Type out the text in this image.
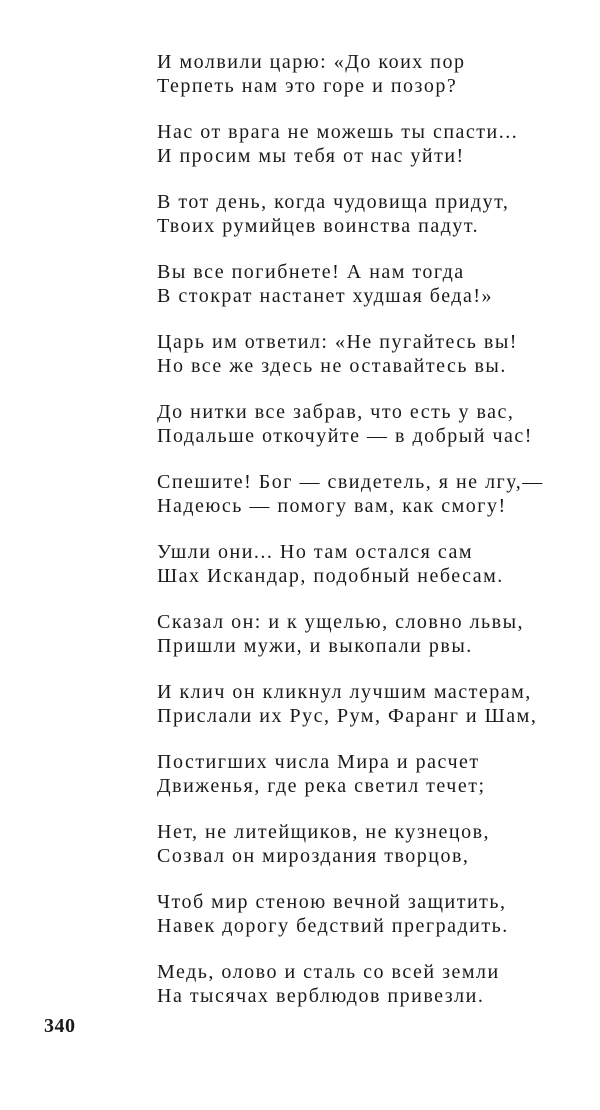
И молвили царю: «До коих пор
Терпеть нам это горе и позор?
Нас от врага не можешь ты спасти...
И просим мы тебя от нас уйти!
В тот день, когда чудовища придут,
Твоих румийцев воинства падут.
Вы все погибнете! А нам тогда
В стократ настанет худшая беда!»
Царь им ответил: «Не пугайтесь вы!
Но все же здесь не оставайтесь вы.
До нитки все забрав, что есть у вас,
Подальше откочуйте — в добрый час!
Спешите! Бог — свидетель, я не лгу,—
Надеюсь — помогу вам, как смогу!
Ушли они... Но там остался сам
Шах Искандар, подобный небесам.
Сказал он: и к ущелью, словно львы,
Пришли мужи, и выкопали рвы.
И клич он кликнул лучшим мастерам,
Прислали их Рус, Рум, Фаранг и Шам,
Постигших числа Мира и расчет
Движенья, где река светил течет;
Нет, не литейщиков, не кузнецов,
Созвал он мироздания творцов,
Чтоб мир стеною вечной защитить,
Навек дорогу бедствий преградить.
Медь, олово и сталь со всей земли
На тысячах верблюдов привезли.
340
